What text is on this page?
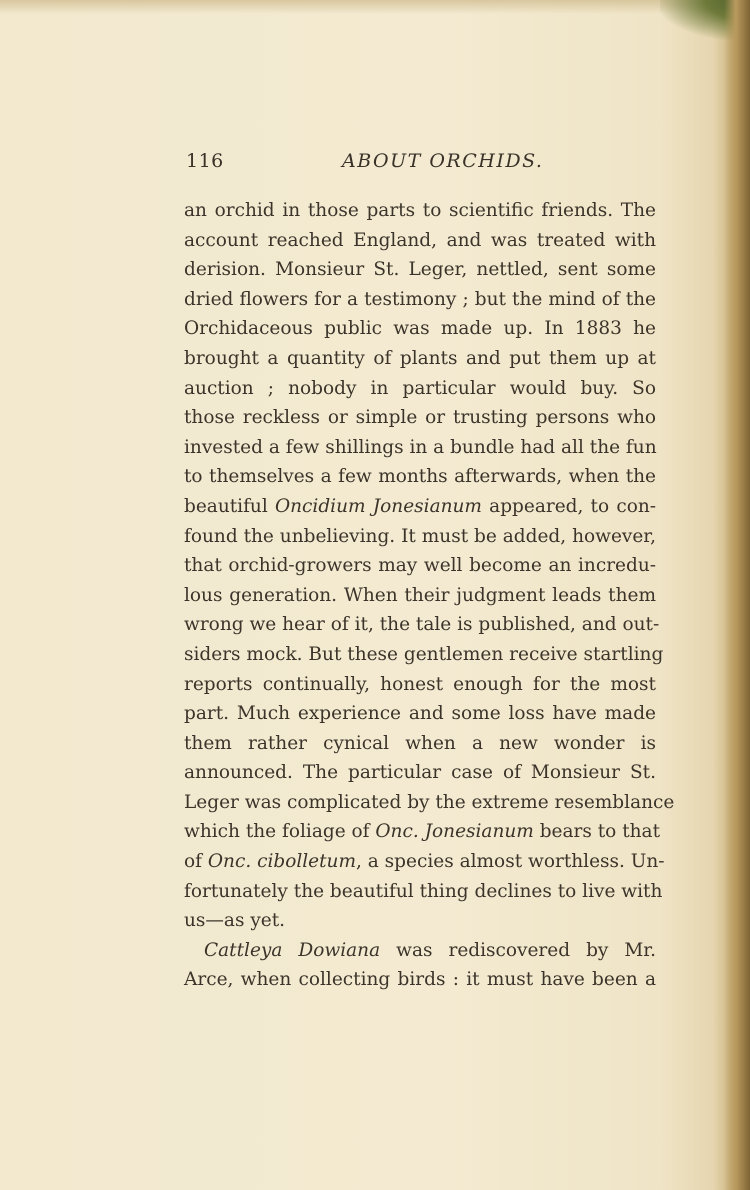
116	ABOUT ORCHIDS.
an orchid in those parts to scientific friends. The
account reached England, and was treated with
derision. Monsieur St. Leger, nettled, sent some
dried flowers for a testimony ; but the mind of the
Orchidaceous public was made up. In 1883 he
brought a quantity of plants and put them up at
auction ; nobody in particular would buy. So
those reckless or simple or trusting persons who
invested a few shillings in a bundle had all the fun
to themselves a few months afterwards, when the
beautiful Oncidium Jonesianum appeared, to con-
found the unbelieving. It must be added, however,
that orchid-growers may well become an incredu-
lous generation. When their judgment leads them
wrong we hear of it, the tale is published, and out-
siders mock. But these gentlemen receive startling
reports continually, honest enough for the most
part. Much experience and some loss have made
them rather cynical when a new wonder is
announced. The particular case of Monsieur St.
Leger was complicated by the extreme resemblance
which the foliage of Onc. Jonesianum bears to that
of Onc. cibolletum, a species almost worthless. Un-
fortunately the beautiful thing declines to live with
us—as yet.
Cattleya Dowiana was rediscovered by Mr.
Arce, when collecting birds : it must have been a
